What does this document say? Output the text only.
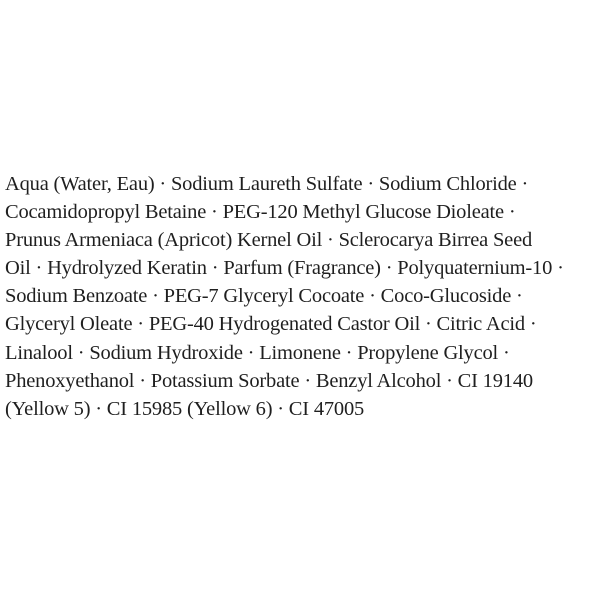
Aqua (Water, Eau) · Sodium Laureth Sulfate · Sodium Chloride ·
Cocamidopropyl Betaine · PEG-120 Methyl Glucose Dioleate ·
Prunus Armeniaca (Apricot) Kernel Oil · Sclerocarya Birrea Seed
Oil · Hydrolyzed Keratin · Parfum (Fragrance) · Polyquaternium-10 ·
Sodium Benzoate · PEG-7 Glyceryl Cocoate · Coco-Glucoside ·
Glyceryl Oleate · PEG-40 Hydrogenated Castor Oil · Citric Acid ·
Linalool · Sodium Hydroxide · Limonene · Propylene Glycol ·
Phenoxyethanol · Potassium Sorbate · Benzyl Alcohol · CI 19140
(Yellow 5) · CI 15985 (Yellow 6) · CI 47005
